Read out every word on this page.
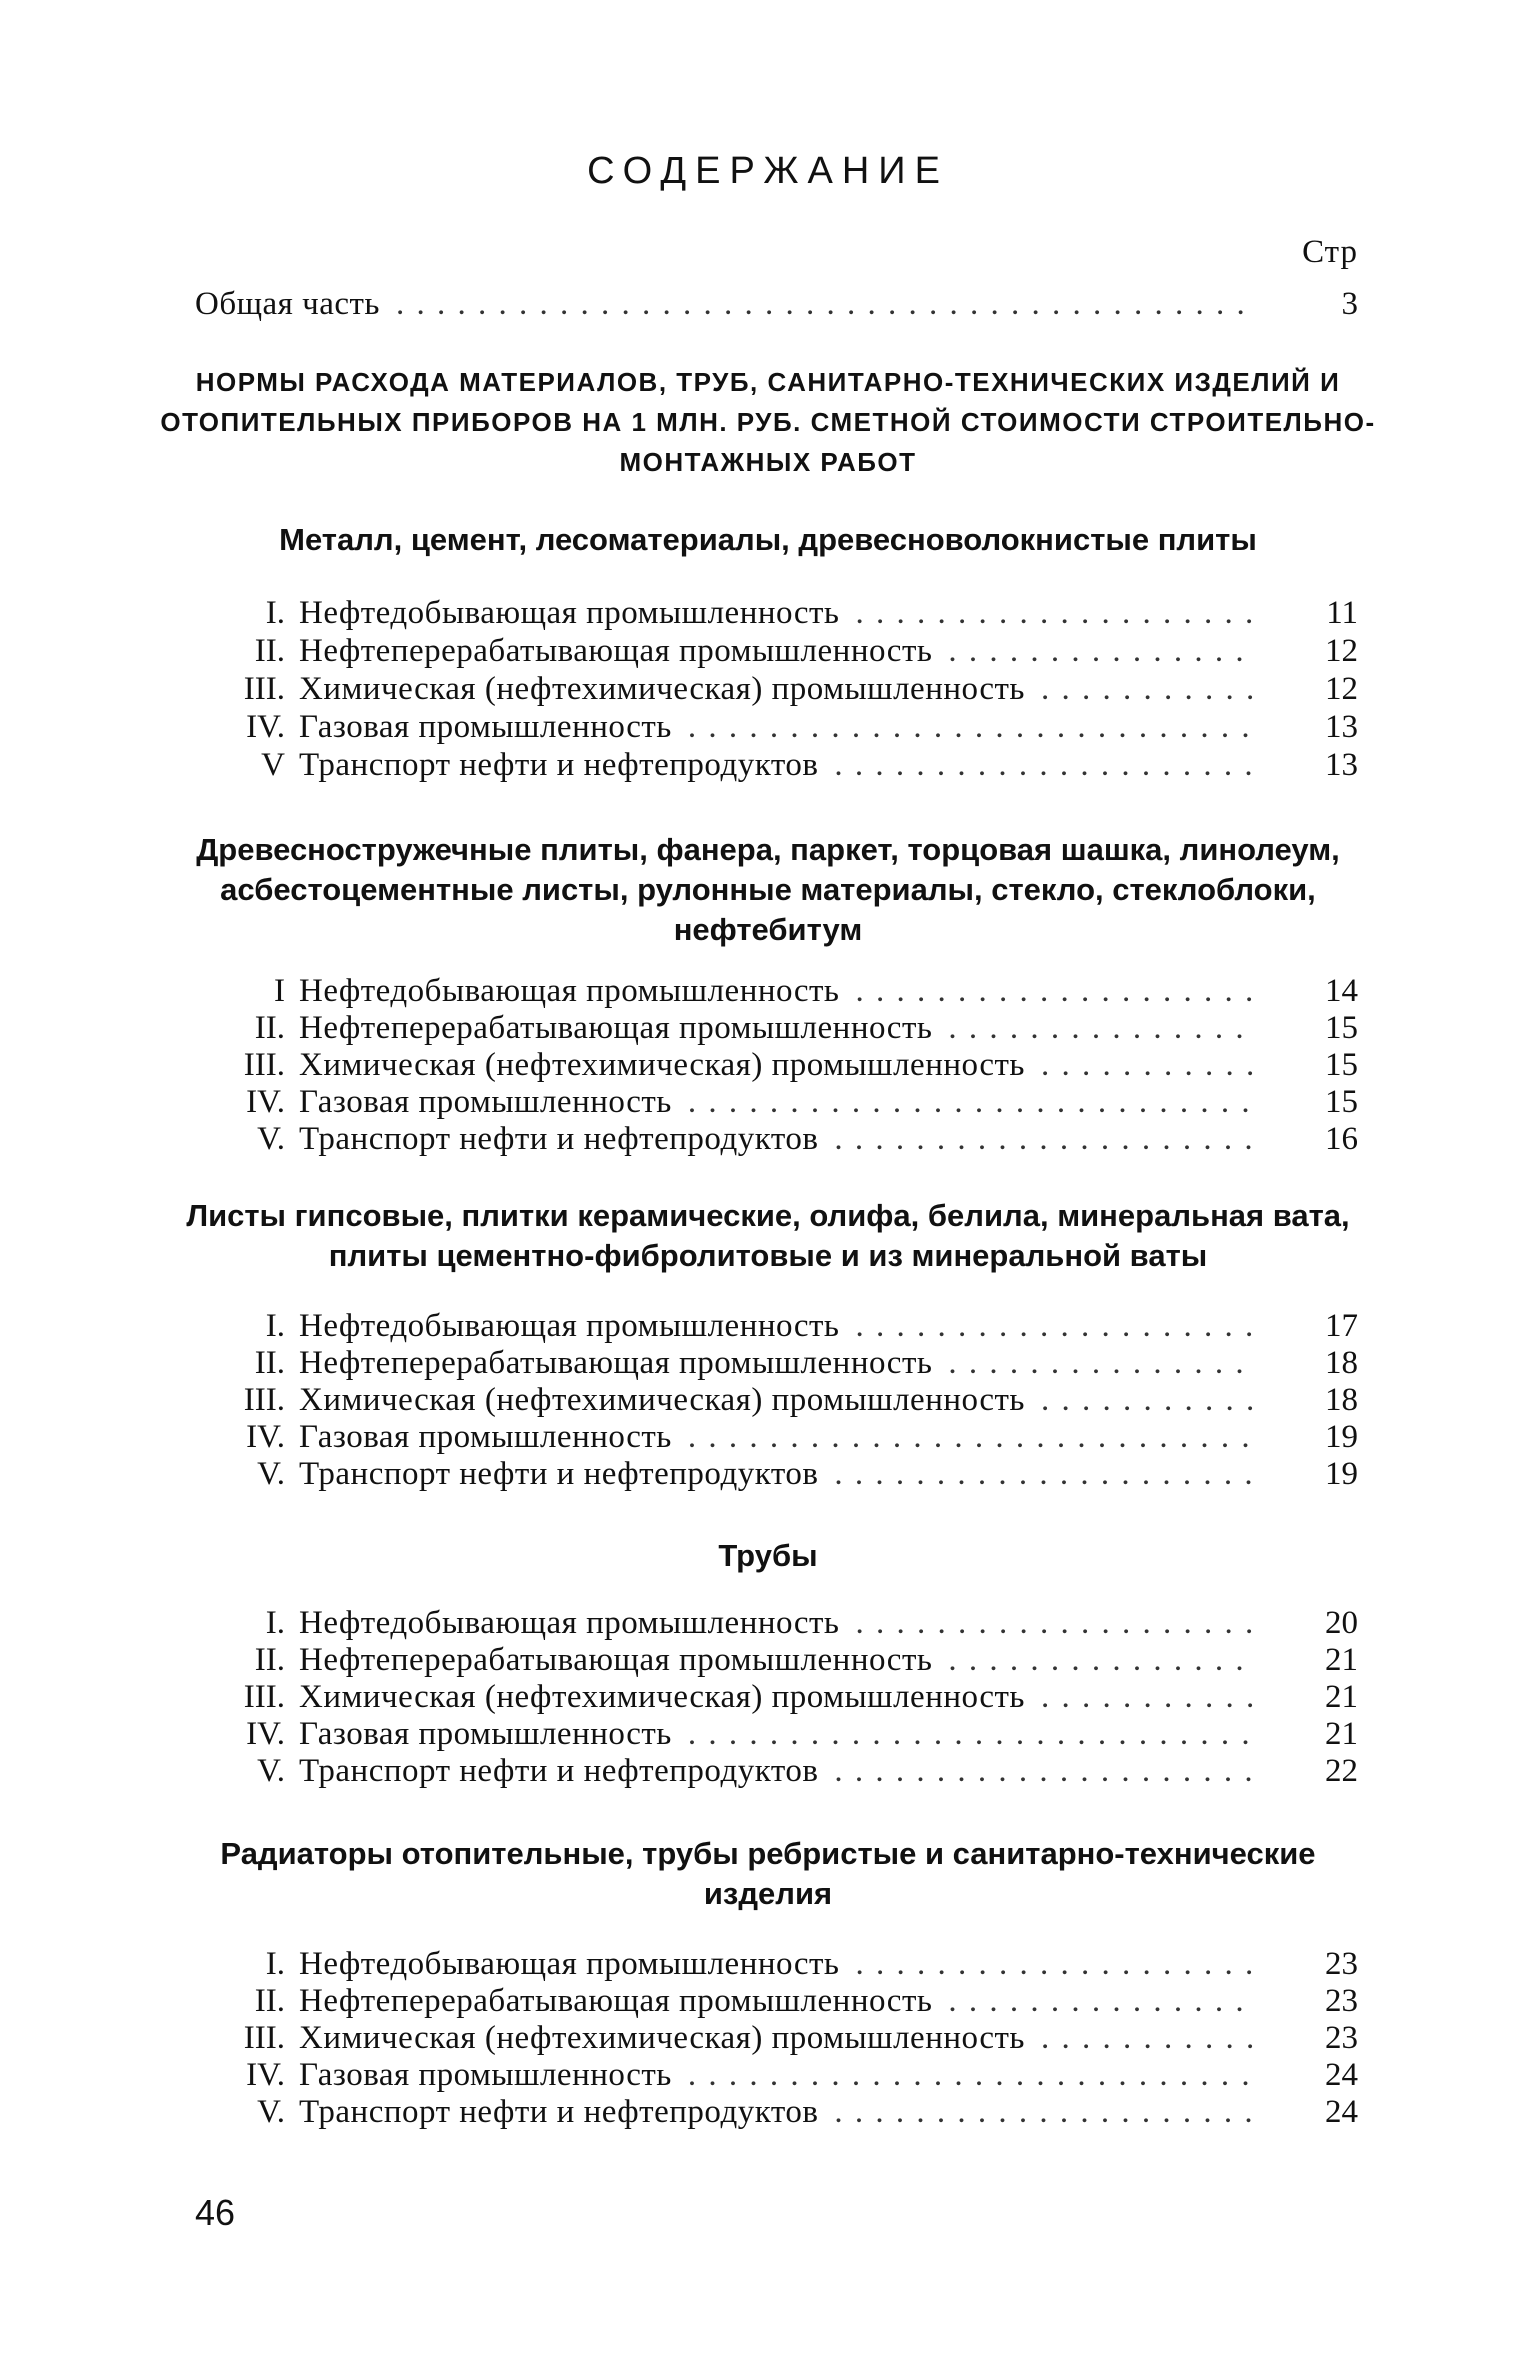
СОДЕРЖАНИЕ
Стр
Общая часть . . .	3
НОРМЫ РАСХОДА МАТЕРИАЛОВ, ТРУБ, САНИТАРНО-ТЕХНИЧЕСКИХ ИЗДЕЛИЙ И ОТОПИТЕЛЬНЫХ ПРИБОРОВ НА 1 МЛН. РУБ. СМЕТНОЙ СТОИМОСТИ СТРОИТЕЛЬНО-МОНТАЖНЫХ РАБОТ
Металл, цемент, лесоматериалы, древесноволокнистые плиты
I. Нефтедобывающая промышленность . . .	11
II. Нефтеперерабатывающая промышленность . . .	12
III. Химическая (нефтехимическая) промышленность . . .	12
IV. Газовая промышленность . . .	13
V Транспорт нефти и нефтепродуктов . . .	13
Древесностружечные плиты, фанера, паркет, торцовая шашка, линолеум, асбестоцементные листы, рулонные материалы, стекло, стеклоблоки, нефтебитум
I Нефтедобывающая промышленность . . .	14
II. Нефтеперерабатывающая промышленность . . .	15
III. Химическая (нефтехимическая) промышленность . . .	15
IV. Газовая промышленность . . .	15
V. Транспорт нефти и нефтепродуктов . . .	16
Листы гипсовые, плитки керамические, олифа, белила, минеральная вата, плиты цементно-фибролитовые и из минеральной ваты
I. Нефтедобывающая промышленность . . .	17
II. Нефтеперерабатывающая промышленность . . .	18
III. Химическая (нефтехимическая) промышленность . . .	18
IV. Газовая промышленность . . .	19
V. Транспорт нефти и нефтепродуктов . . .	19
Трубы
I. Нефтедобывающая промышленность . . .	20
II. Нефтеперерабатывающая промышленность . . .	21
III. Химическая (нефтехимическая) промышленность . . .	21
IV. Газовая промышленность . . .	21
V. Транспорт нефти и нефтепродуктов . . .	22
Радиаторы отопительные, трубы ребристые и санитарно-технические изделия
I. Нефтедобывающая промышленность . . .	23
II. Нефтеперерабатывающая промышленность . . .	23
III. Химическая (нефтехимическая) промышленность . . .	23
IV. Газовая промышленность . . .	24
V. Транспорт нефти и нефтепродуктов . . .	24
46
